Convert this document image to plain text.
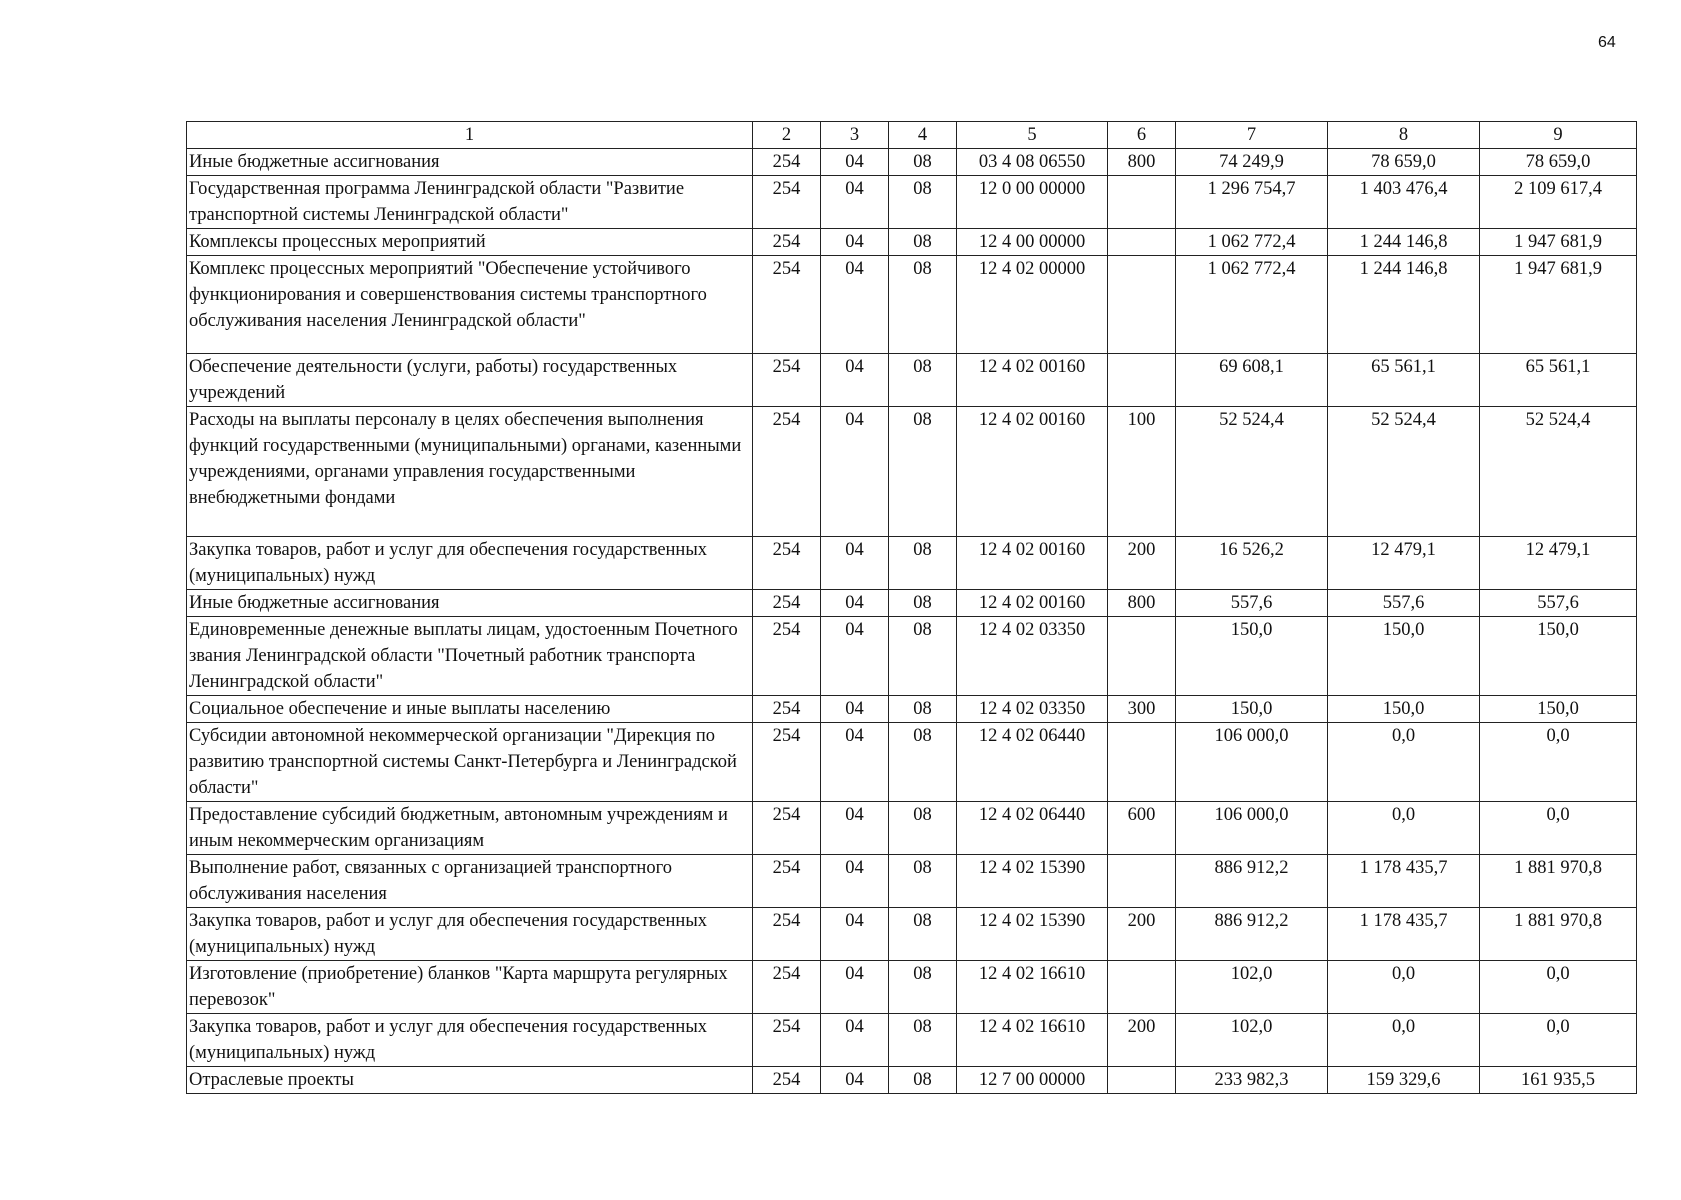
64
1	2	3	4	5	6	7	8	9
Иные бюджетные ассигнования	254	04	08	03 4 08 06550	800	74 249,9	78 659,0	78 659,0
Государственная программа Ленинградской области "Развитие транспортной системы Ленинградской области"	254	04	08	12 0 00 00000		1 296 754,7	1 403 476,4	2 109 617,4
Комплексы процессных мероприятий	254	04	08	12 4 00 00000		1 062 772,4	1 244 146,8	1 947 681,9
Комплекс процессных мероприятий "Обеспечение устойчивого функционирования и совершенствования системы транспортного обслуживания населения Ленинградской области"	254	04	08	12 4 02 00000		1 062 772,4	1 244 146,8	1 947 681,9
Обеспечение деятельности (услуги, работы) государственных учреждений	254	04	08	12 4 02 00160		69 608,1	65 561,1	65 561,1
Расходы на выплаты персоналу в целях обеспечения выполнения функций государственными (муниципальными) органами, казенными учреждениями, органами управления государственными внебюджетными фондами	254	04	08	12 4 02 00160	100	52 524,4	52 524,4	52 524,4
Закупка товаров, работ и услуг для обеспечения государственных (муниципальных) нужд	254	04	08	12 4 02 00160	200	16 526,2	12 479,1	12 479,1
Иные бюджетные ассигнования	254	04	08	12 4 02 00160	800	557,6	557,6	557,6
Единовременные денежные выплаты лицам, удостоенным Почетного звания Ленинградской области "Почетный работник транспорта Ленинградской области"	254	04	08	12 4 02 03350		150,0	150,0	150,0
Социальное обеспечение и иные выплаты населению	254	04	08	12 4 02 03350	300	150,0	150,0	150,0
Субсидии автономной некоммерческой организации "Дирекция по развитию транспортной системы Санкт-Петербурга и Ленинградской области"	254	04	08	12 4 02 06440		106 000,0	0,0	0,0
Предоставление субсидий бюджетным, автономным учреждениям и иным некоммерческим организациям	254	04	08	12 4 02 06440	600	106 000,0	0,0	0,0
Выполнение работ, связанных с организацией транспортного обслуживания населения	254	04	08	12 4 02 15390		886 912,2	1 178 435,7	1 881 970,8
Закупка товаров, работ и услуг для обеспечения государственных (муниципальных) нужд	254	04	08	12 4 02 15390	200	886 912,2	1 178 435,7	1 881 970,8
Изготовление (приобретение) бланков "Карта маршрута регулярных перевозок"	254	04	08	12 4 02 16610		102,0	0,0	0,0
Закупка товаров, работ и услуг для обеспечения государственных (муниципальных) нужд	254	04	08	12 4 02 16610	200	102,0	0,0	0,0
Отраслевые проекты	254	04	08	12 7 00 00000		233 982,3	159 329,6	161 935,5
